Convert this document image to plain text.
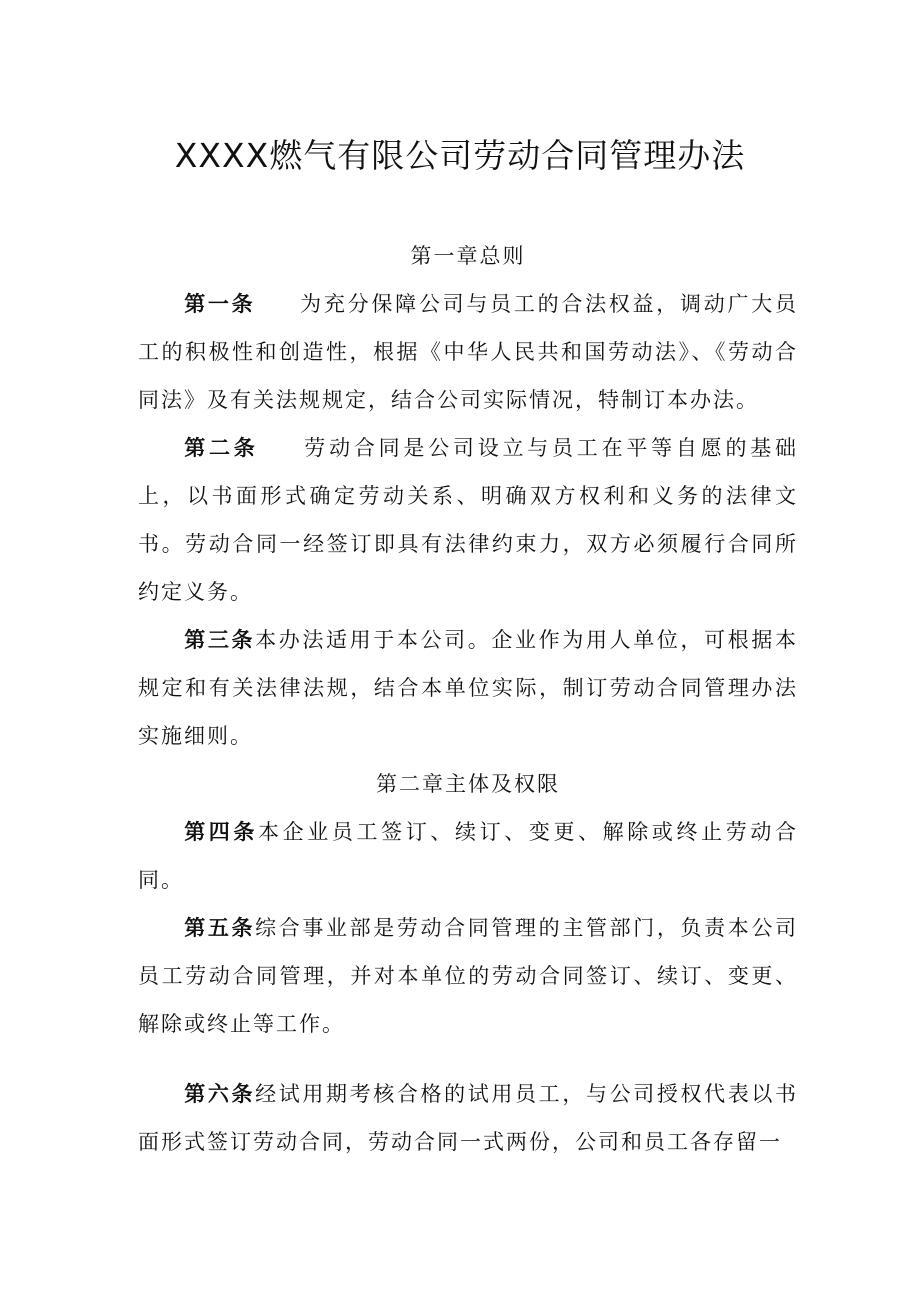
XXXX燃气有限公司劳动合同管理办法
第一章总则

第一条 为充分保障公司与员工的合法权益，调动广大员工的积极性和创造性，根据《中华人民共和国劳动法》、《劳动合同法》及有关法规规定，结合公司实际情况，特制订本办法。

第二条 劳动合同是公司设立与员工在平等自愿的基础上，以书面形式确定劳动关系、明确双方权利和义务的法律文书。劳动合同一经签订即具有法律约束力，双方必须履行合同所约定义务。

第三条本办法适用于本公司。企业作为用人单位，可根据本规定和有关法律法规，结合本单位实际，制订劳动合同管理办法实施细则。

第二章主体及权限

第四条本企业员工签订、续订、变更、解除或终止劳动合同。

第五条综合事业部是劳动合同管理的主管部门，负责本公司员工劳动合同管理，并对本单位的劳动合同签订、续订、变更、解除或终止等工作。

第六条经试用期考核合格的试用员工，与公司授权代表以书面形式签订劳动合同，劳动合同一式两份，公司和员工各存留一
